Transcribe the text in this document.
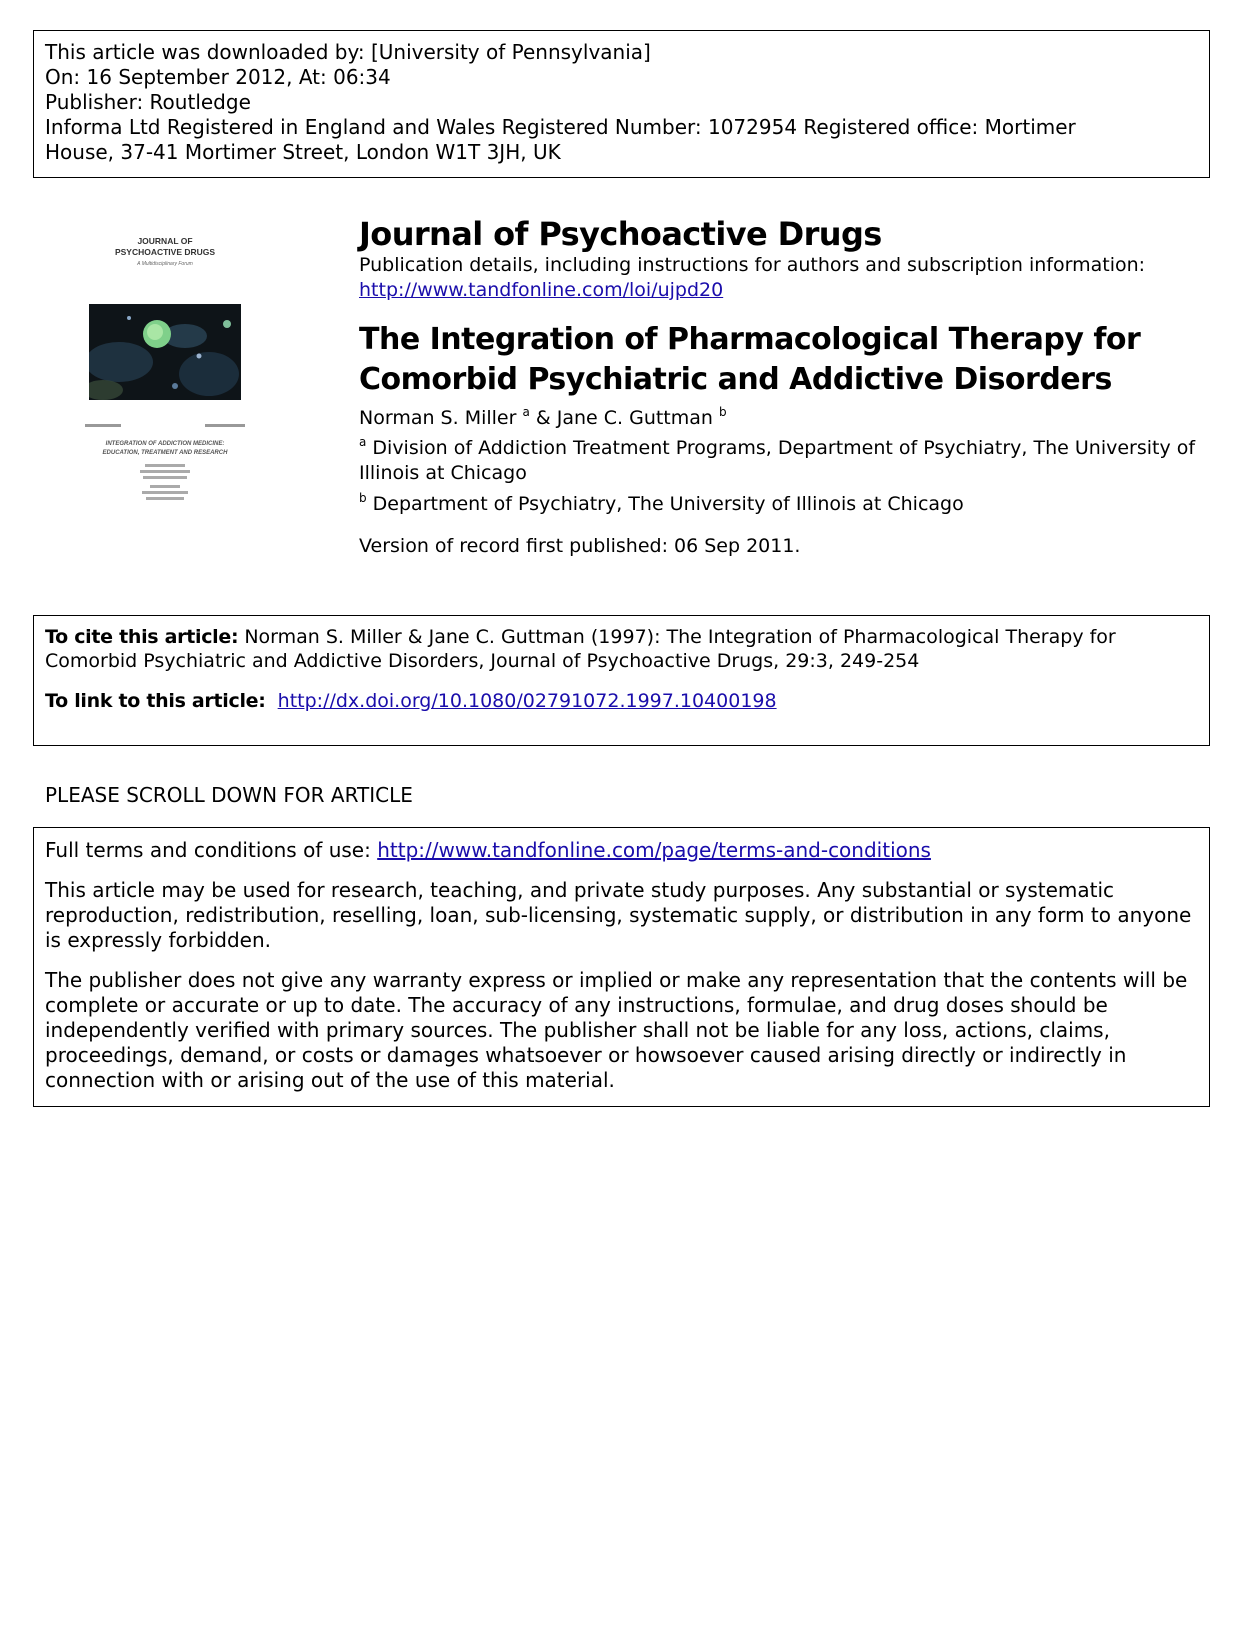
This article was downloaded by: [University of Pennsylvania]
On: 16 September 2012, At: 06:34
Publisher: Routledge
Informa Ltd Registered in England and Wales Registered Number: 1072954 Registered office: Mortimer
House, 37-41 Mortimer Street, London W1T 3JH, UK
JOURNAL OF
PSYCHOACTIVE DRUGS
A Multidisciplinary Forum
INTEGRATION OF ADDICTION MEDICINE:
EDUCATION, TREATMENT AND RESEARCH
Journal of Psychoactive Drugs
Publication details, including instructions for authors and subscription information:
http://www.tandfonline.com/loi/ujpd20
The Integration of Pharmacological Therapy for
Comorbid Psychiatric and Addictive Disorders
Norman S. Miller $^a$ & Jane C. Guttman $^b$
$^a$ Division of Addiction Treatment Programs, Department of Psychiatry, The University of Illinois at Chicago
$^b$ Department of Psychiatry, The University of Illinois at Chicago
Version of record first published: 06 Sep 2011.
To cite this article: Norman S. Miller & Jane C. Guttman (1997): The Integration of Pharmacological Therapy for Comorbid Psychiatric and Addictive Disorders, Journal of Psychoactive Drugs, 29:3, 249-254
To link to this article: http://dx.doi.org/10.1080/02791072.1997.10400198
PLEASE SCROLL DOWN FOR ARTICLE

Full terms and conditions of use: http://www.tandfonline.com/page/terms-and-conditions

This article may be used for research, teaching, and private study purposes. Any substantial or systematic reproduction, redistribution, reselling, loan, sub-licensing, systematic supply, or distribution in any form to anyone is expressly forbidden.

The publisher does not give any warranty express or implied or make any representation that the contents will be complete or accurate or up to date. The accuracy of any instructions, formulae, and drug doses should be independently verified with primary sources. The publisher shall not be liable for any loss, actions, claims, proceedings, demand, or costs or damages whatsoever or howsoever caused arising directly or indirectly in connection with or arising out of the use of this material.
